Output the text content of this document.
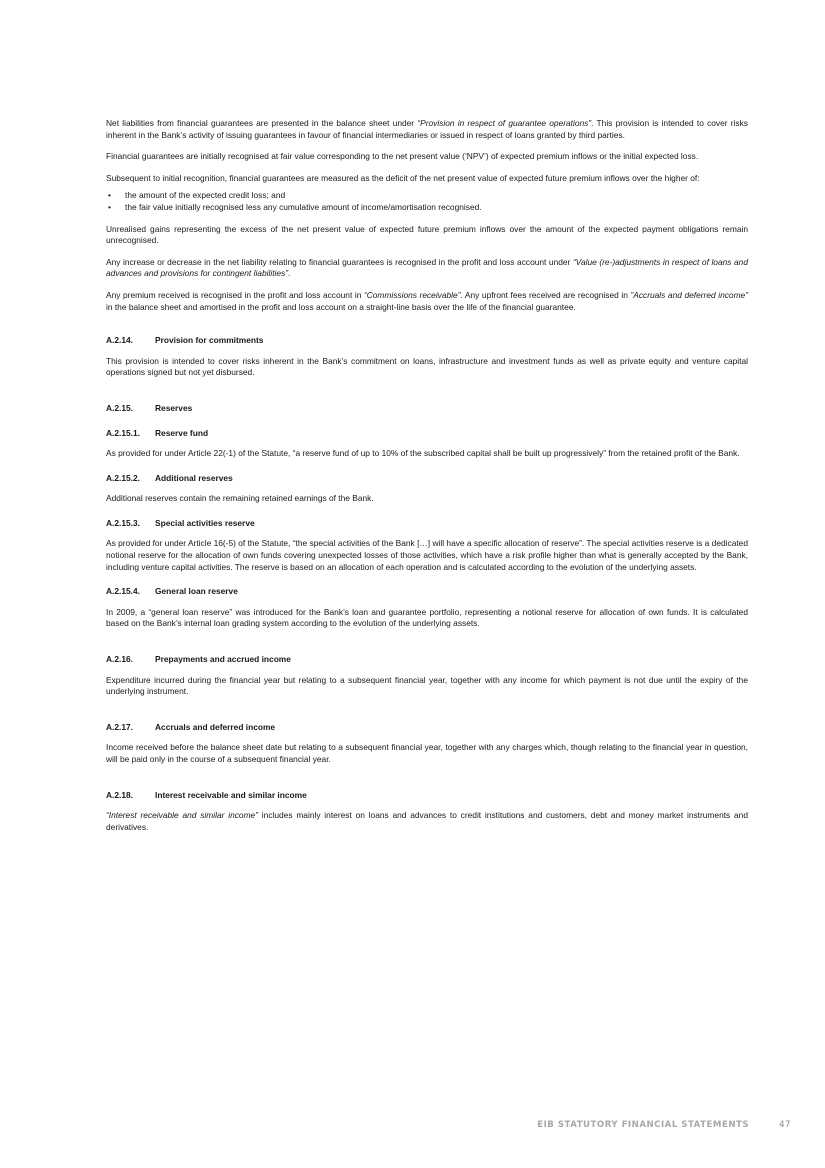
Net liabilities from financial guarantees are presented in the balance sheet under “Provision in respect of guarantee operations”. This provision is intended to cover risks inherent in the Bank’s activity of issuing guarantees in favour of financial intermediaries or issued in respect of loans granted by third parties.

Financial guarantees are initially recognised at fair value corresponding to the net present value (‘NPV’) of expected premium inflows or the initial expected loss.

Subsequent to initial recognition, financial guarantees are measured as the deficit of the net present value of expected future premium inflows over the higher of:

• the amount of the expected credit loss; and
• the fair value initially recognised less any cumulative amount of income/amortisation recognised.

Unrealised gains representing the excess of the net present value of expected future premium inflows over the amount of the expected payment obligations remain unrecognised.

Any increase or decrease in the net liability relating to financial guarantees is recognised in the profit and loss account under “Value (re-)adjustments in respect of loans and advances and provisions for contingent liabilities”.

Any premium received is recognised in the profit and loss account in “Commissions receivable”. Any upfront fees received are recognised in ”Accruals and deferred income” in the balance sheet and amortised in the profit and loss account on a straight-line basis over the life of the financial guarantee.

A.2.14.	Provision for commitments

This provision is intended to cover risks inherent in the Bank’s commitment on loans, infrastructure and investment funds as well as private equity and venture capital operations signed but not yet disbursed.

A.2.15.	Reserves
A.2.15.1.	Reserve fund

As provided for under Article 22(-1) of the Statute, “a reserve fund of up to 10% of the subscribed capital shall be built up progressively” from the retained profit of the Bank.

A.2.15.2.	Additional reserves

Additional reserves contain the remaining retained earnings of the Bank.

A.2.15.3.	Special activities reserve

As provided for under Article 16(-5) of the Statute, “the special activities of the Bank […] will have a specific allocation of reserve”. The special activities reserve is a dedicated notional reserve for the allocation of own funds covering unexpected losses of those activities, which have a risk profile higher than what is generally accepted by the Bank, including venture capital activities. The reserve is based on an allocation of each operation and is calculated according to the evolution of the underlying assets.

A.2.15.4.	General loan reserve

In 2009, a “general loan reserve” was introduced for the Bank’s loan and guarantee portfolio, representing a notional reserve for allocation of own funds. It is calculated based on the Bank’s internal loan grading system according to the evolution of the underlying assets.

A.2.16.	Prepayments and accrued income

Expenditure incurred during the financial year but relating to a subsequent financial year, together with any income for which payment is not due until the expiry of the underlying instrument.

A.2.17.	Accruals and deferred income

Income received before the balance sheet date but relating to a subsequent financial year, together with any charges which, though relating to the financial year in question, will be paid only in the course of a subsequent financial year.

A.2.18.	Interest receivable and similar income

“Interest receivable and similar income” includes mainly interest on loans and advances to credit institutions and customers, debt and money market instruments and derivatives.

EIB STATUTORY FINANCIAL STATEMENTS	47
